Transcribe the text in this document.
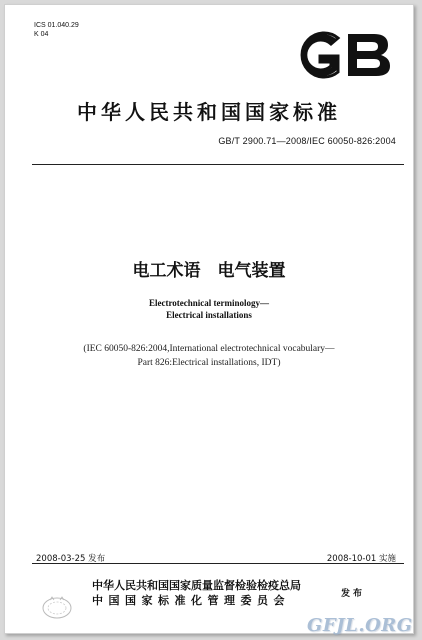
ICS 01.040.29
K 04
GB
中华人民共和国国家标准
GB/T 2900.71—2008/IEC 60050-826:2004
电工术语　电气装置
Electrotechnical terminology—
Electrical installations
(IEC 60050-826:2004,International electrotechnical vocabulary—
Part 826:Electrical installations, IDT)
2008-03-25 发布	2008-10-01 实施
中华人民共和国国家质量监督检验检疫总局
中国国家标准化管理委员会	发布
GFJL.ORG
